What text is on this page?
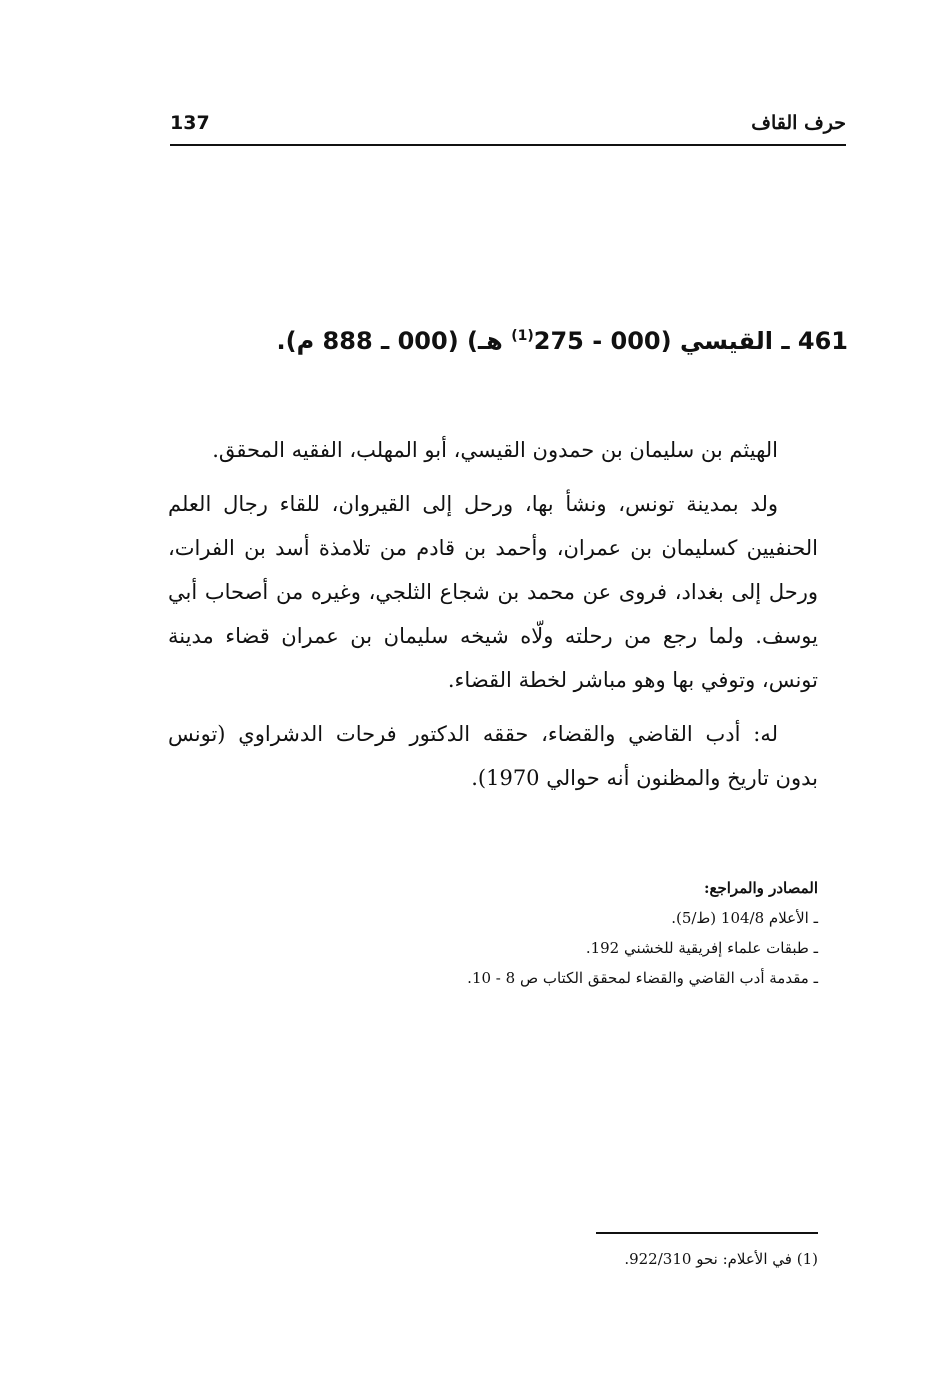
137	حرف القاف
461 ـ القيسي (000 - 275$^{(1)}$ هـ) (000 ـ 888 م).

الهيثم بن سليمان بن حمدون القيسي، أبو المهلب، الفقيه المحقق.

ولد بمدينة تونس، ونشأ بها، ورحل إلى القيروان، للقاء رجال العلم الحنفيين كسليمان بن عمران، وأحمد بن قادم من تلامذة أسد بن الفرات، ورحل إلى بغداد، فروى عن محمد بن شجاع الثلجي، وغيره من أصحاب أبي يوسف. ولما رجع من رحلته ولّاه شيخه سليمان بن عمران قضاء مدينة تونس، وتوفي بها وهو مباشر لخطة القضاء.

له: أدب القاضي والقضاء، حققه الدكتور فرحات الدشراوي (تونس بدون تاريخ والمظنون أنه حوالي 1970).

المصادر والمراجع:
ـ الأعلام 104/8 (ط/5).
ـ طبقات علماء إفريقية للخشني 192.
ـ مقدمة أدب القاضي والقضاء لمحقق الكتاب ص 8 - 10.
(1) في الأعلام: نحو 922/310.
